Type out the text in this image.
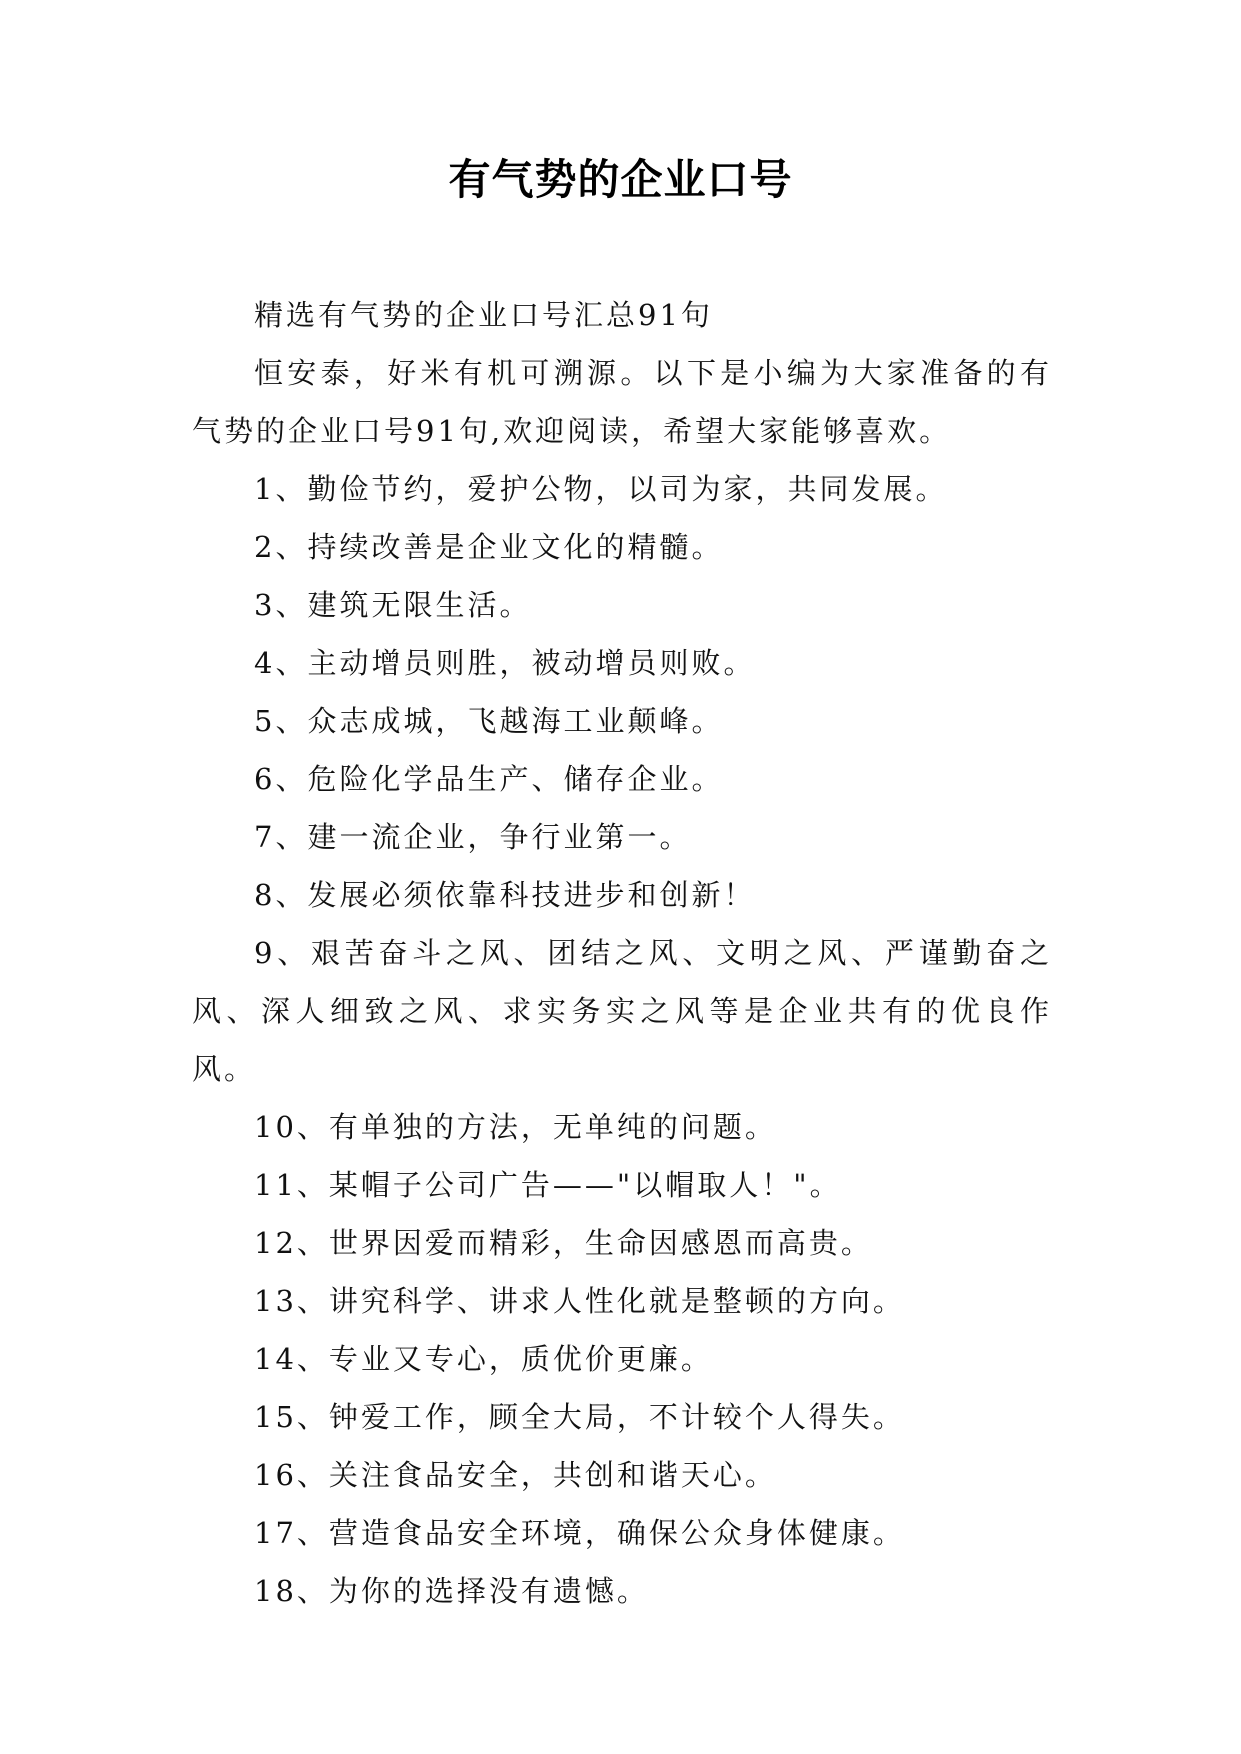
有气势的企业口号

精选有气势的企业口号汇总91句

恒安泰，好米有机可溯源。以下是小编为大家准备的有气势的企业口号91句,欢迎阅读，希望大家能够喜欢。

1、勤俭节约，爱护公物，以司为家，共同发展。

2、持续改善是企业文化的精髓。

3、建筑无限生活。

4、主动增员则胜，被动增员则败。

5、众志成城，飞越海工业颠峰。

6、危险化学品生产、储存企业。

7、建一流企业，争行业第一。

8、发展必须依靠科技进步和创新！

9、艰苦奋斗之风、团结之风、文明之风、严谨勤奋之风、深人细致之风、求实务实之风等是企业共有的优良作风。

10、有单独的方法，无单纯的问题。

11、某帽子公司广告——"以帽取人！"。

12、世界因爱而精彩，生命因感恩而高贵。

13、讲究科学、讲求人性化就是整顿的方向。

14、专业又专心，质优价更廉。

15、钟爱工作，顾全大局，不计较个人得失。

16、关注食品安全，共创和谐天心。

17、营造食品安全环境，确保公众身体健康。

18、为你的选择没有遗憾。
